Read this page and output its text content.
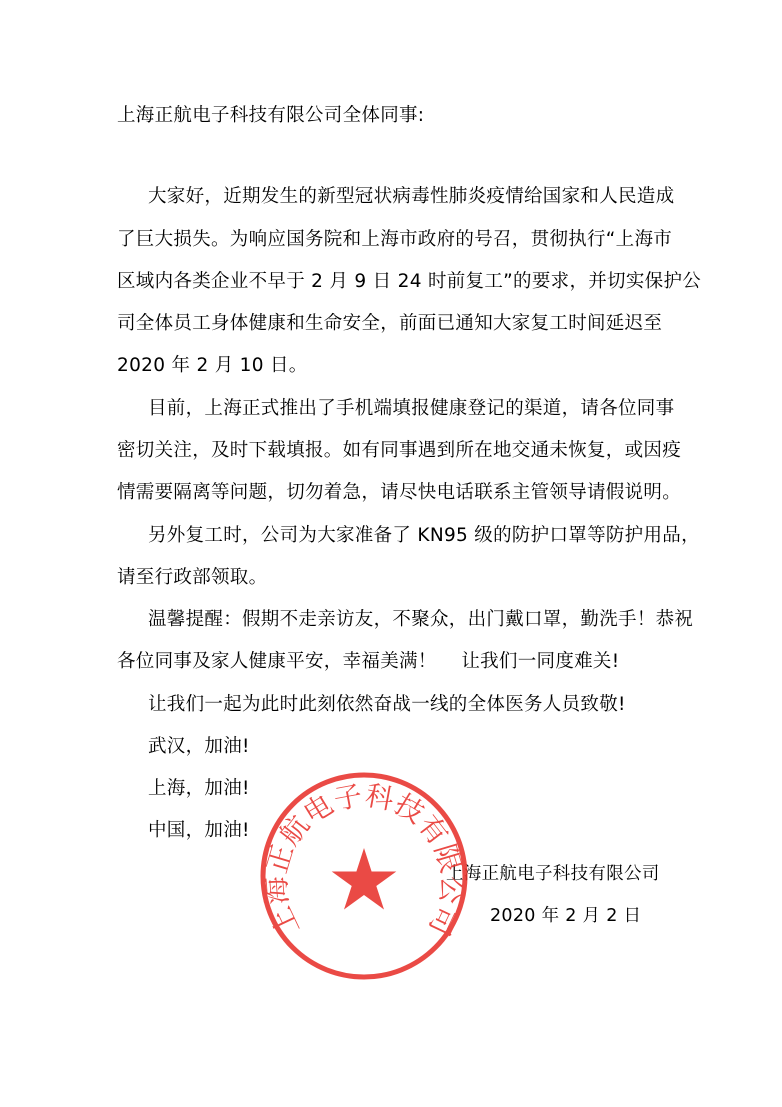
上海正航电子科技有限公司全体同事:
大家好，近期发生的新型冠状病毒性肺炎疫情给国家和人民造成
了巨大损失。为响应国务院和上海市政府的号召，贯彻执行“上海市
区域内各类企业不早于 2 月 9 日 24 时前复工”的要求，并切实保护公
司全体员工身体健康和生命安全，前面已通知大家复工时间延迟至
2020 年 2 月 10 日。
目前，上海正式推出了手机端填报健康登记的渠道，请各位同事
密切关注，及时下载填报。如有同事遇到所在地交通未恢复，或因疫
情需要隔离等问题，切勿着急，请尽快电话联系主管领导请假说明。
另外复工时，公司为大家准备了 KN95 级的防护口罩等防护用品，
请至行政部领取。
温馨提醒：假期不走亲访友，不聚众，出门戴口罩，勤洗手！恭祝
各位同事及家人健康平安，幸福美满！    让我们一同度难关!
让我们一起为此时此刻依然奋战一线的全体医务人员致敬!
武汉，加油!
上海，加油!
中国，加油!
上海正航电子科技有限公司
2020 年 2 月 2 日
上海正航电子科技有限公司
